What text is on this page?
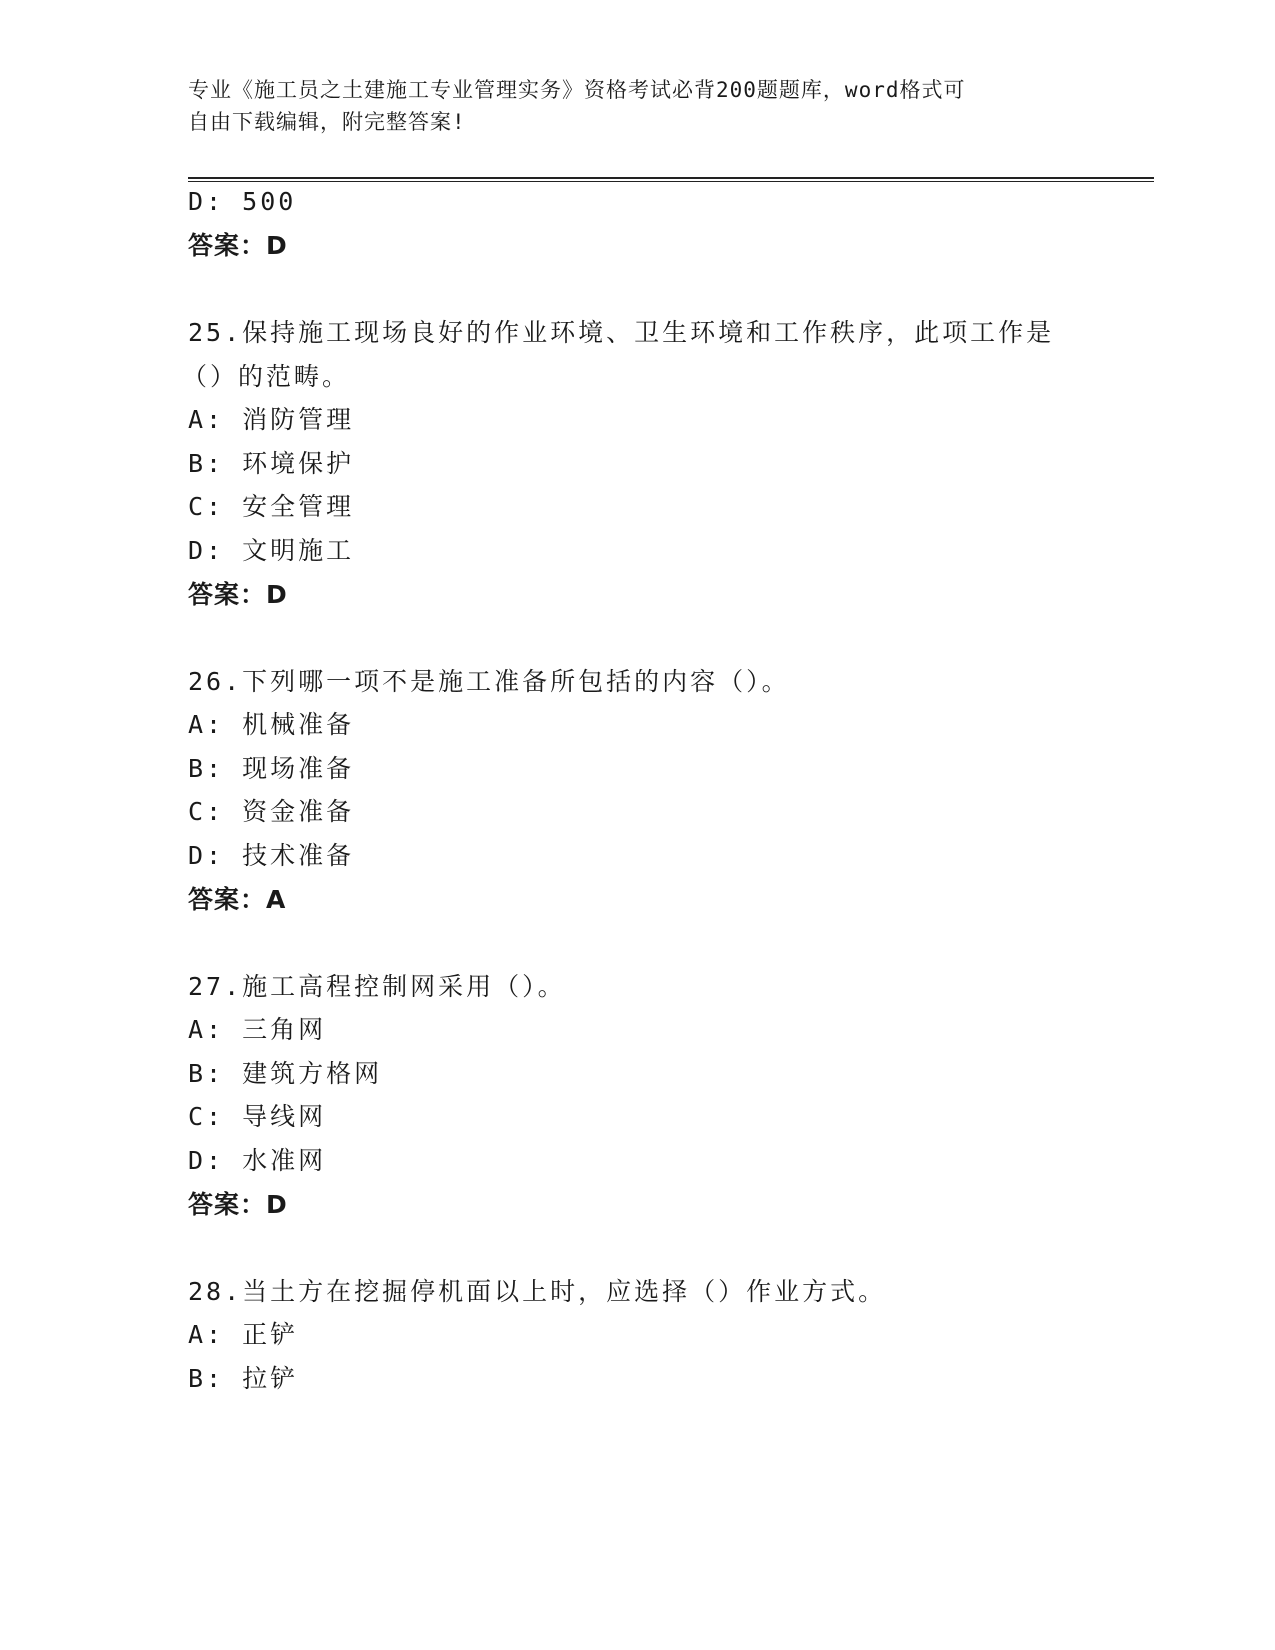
专业《施工员之土建施工专业管理实务》资格考试必背200题题库，word格式可
自由下载编辑，附完整答案!
D: 500
答案：D
25.保持施工现场良好的作业环境、卫生环境和工作秩序，此项工作是
（）的范畴。
A: 消防管理
B: 环境保护
C: 安全管理
D: 文明施工
答案：D
26.下列哪一项不是施工准备所包括的内容（）。
A: 机械准备
B: 现场准备
C: 资金准备
D: 技术准备
答案：A
27.施工高程控制网采用（）。
A: 三角网
B: 建筑方格网
C: 导线网
D: 水准网
答案：D
28.当土方在挖掘停机面以上时，应选择（）作业方式。
A: 正铲
B: 拉铲
